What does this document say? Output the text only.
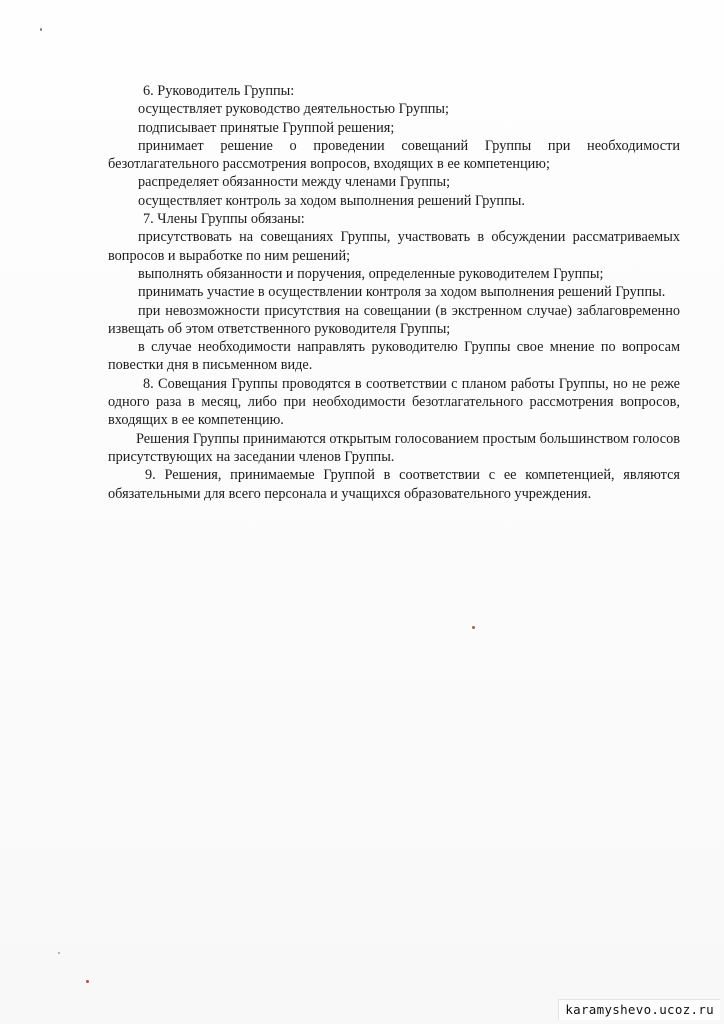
6. Руководитель Группы:

осуществляет руководство деятельностью Группы;

подписывает принятые Группой решения;

принимает решение о проведении совещаний Группы при необходимости безотлагательного рассмотрения вопросов, входящих в ее компетенцию;

распределяет обязанности между членами Группы;

осуществляет контроль за ходом выполнения решений Группы.

7. Члены Группы обязаны:

присутствовать на совещаниях Группы, участвовать в обсуждении рассматриваемых вопросов и выработке по ним решений;

выполнять обязанности и поручения, определенные руководителем Группы;

принимать участие в осуществлении контроля за ходом выполнения решений Группы.

при невозможности присутствия на совещании (в экстренном случае) заблаговременно извещать об этом ответственного руководителя Группы;

в случае необходимости направлять руководителю Группы свое мнение по вопросам повестки дня в письменном виде.

8. Совещания Группы проводятся в соответствии с планом работы Группы, но не реже одного раза в месяц, либо при необходимости безотлагательного рассмотрения вопросов, входящих в ее компетенцию.

Решения Группы принимаются открытым голосованием простым большинством голосов присутствующих на заседании членов Группы.

9. Решения, принимаемые Группой в соответствии с ее компетенцией, являются обязательными для всего персонала и учащихся образовательного учреждения.

karamyshevo.ucoz.ru
